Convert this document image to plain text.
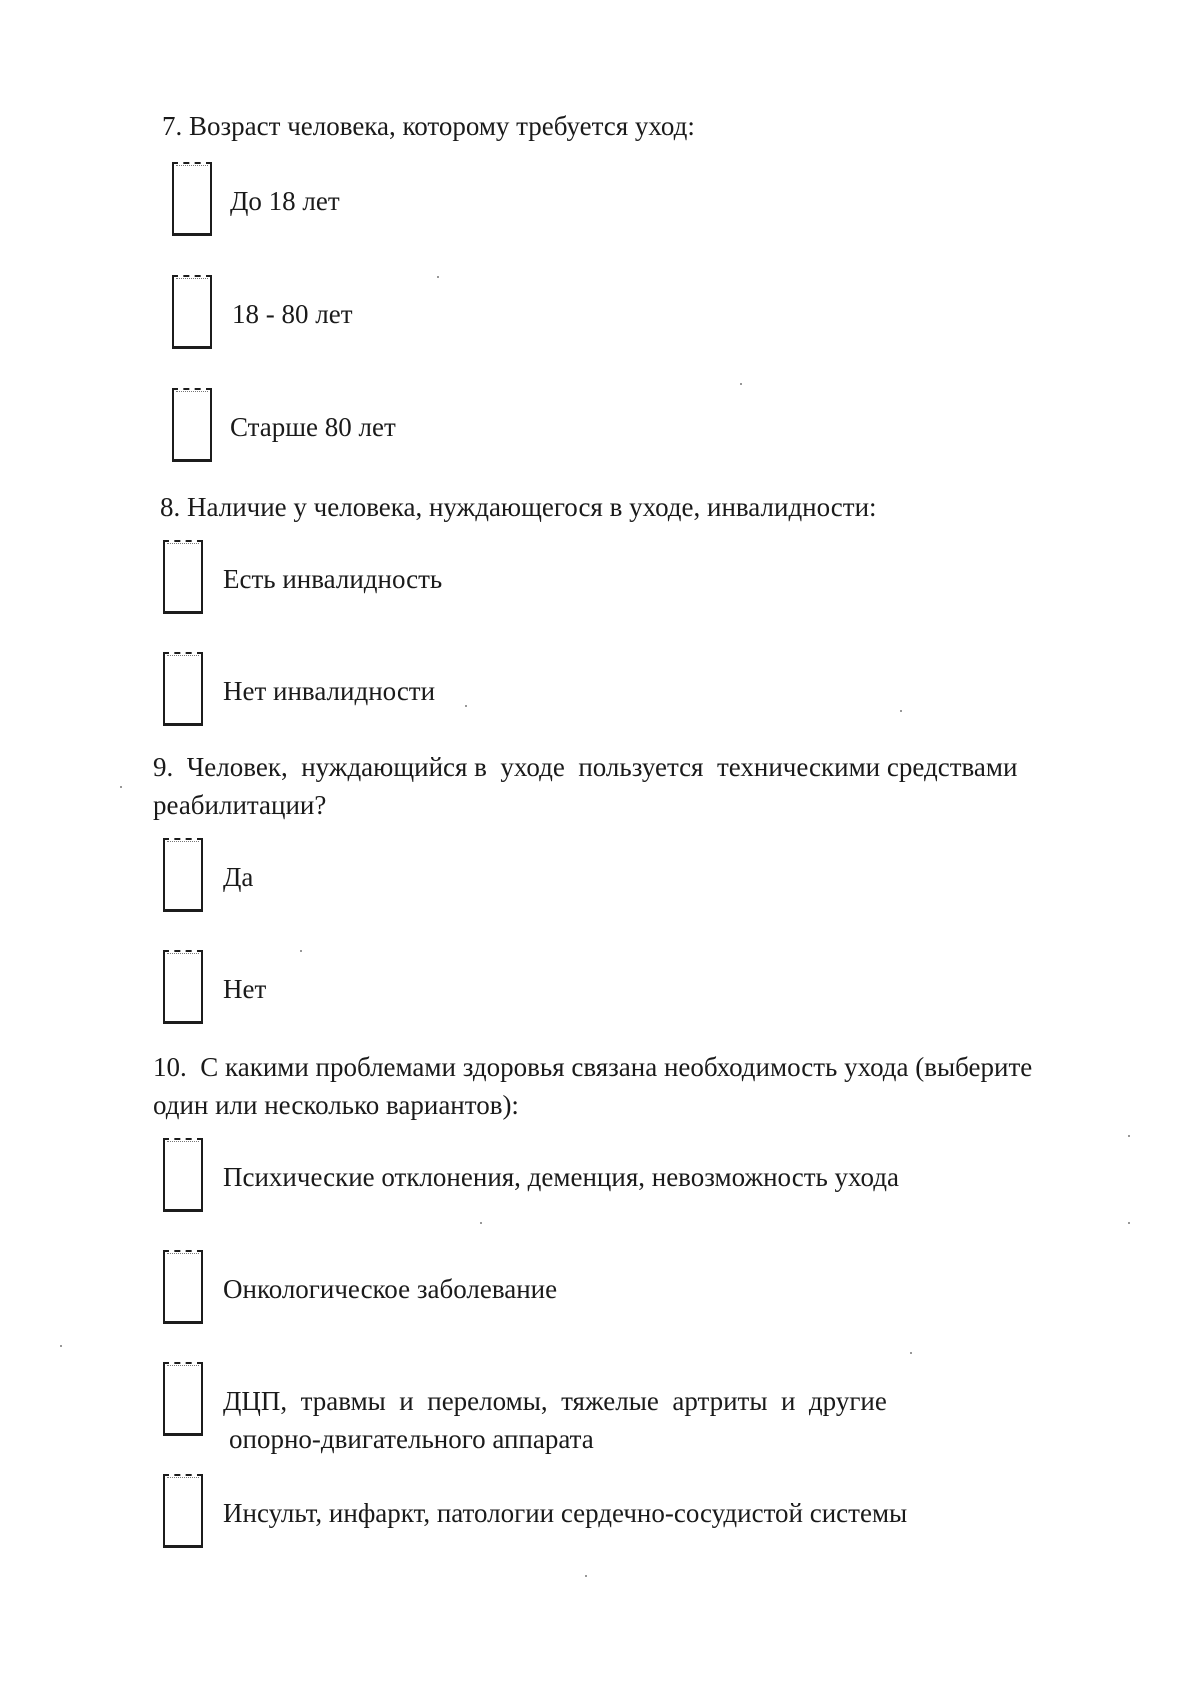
7. Возраст человека, которому требуется уход:

До 18 лет
18 - 80 лет
Старше 80 лет

8. Наличие у человека, нуждающегося в уходе, инвалидности:

Есть инвалидность
Нет инвалидности

9.  Человек,  нуждающийся в  уходе  пользуется  техническими средствами

реабилитации?

Да
Нет

10.  С какими проблемами здоровья связана необходимость ухода (выберите

один или несколько вариантов):

Психические отклонения, деменция, невозможность ухода
Онкологическое заболевание
ДЦП,  травмы  и  переломы,  тяжелые  артриты  и  другие
опорно-двигательного аппарата
Инсульт, инфаркт, патологии сердечно-сосудистой системы
